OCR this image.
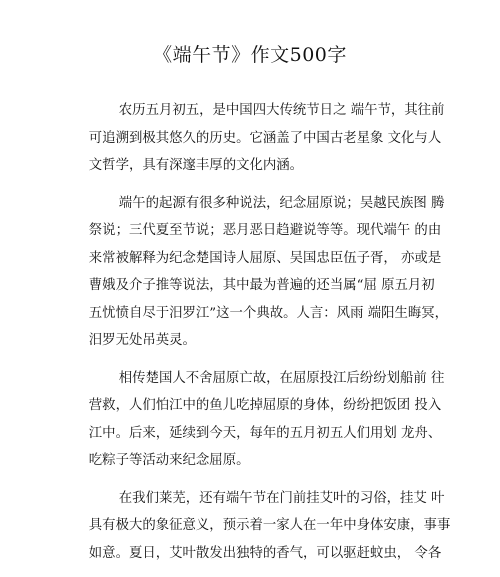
《端午节》作文500字

农历五月初五，是中国四大传统节日之 端午节，其往前
可追溯到极其悠久的历史。它涵盖了中国古老星象 文化与人
文哲学，具有深邃丰厚的文化内涵。

端午的起源有很多种说法，纪念屈原说；吴越民族图 腾
祭说；三代夏至节说；恶月恶日趋避说等等。现代端午 的由
来常被解释为纪念楚国诗人屈原、吴国忠臣伍子胥， 亦或是
曹娥及介子推等说法，其中最为普遍的还当属“屈 原五月初
五忧愤自尽于汨罗江”这一个典故。人言：风雨 端阳生晦冥，
汨罗无处吊英灵。

相传楚国人不舍屈原亡故，在屈原投江后纷纷划船前 往
营救，人们怕江中的鱼儿吃掉屈原的身体，纷纷把饭团 投入
江中。后来，延续到今天，每年的五月初五人们用划 龙舟、
吃粽子等活动来纪念屈原。

在我们莱芜，还有端午节在门前挂艾叶的习俗，挂艾 叶
具有极大的象征意义，预示着一家人在一年中身体安康，事事
如意。夏日，艾叶散发出独特的香气，可以驱赶蚊虫， 令各
